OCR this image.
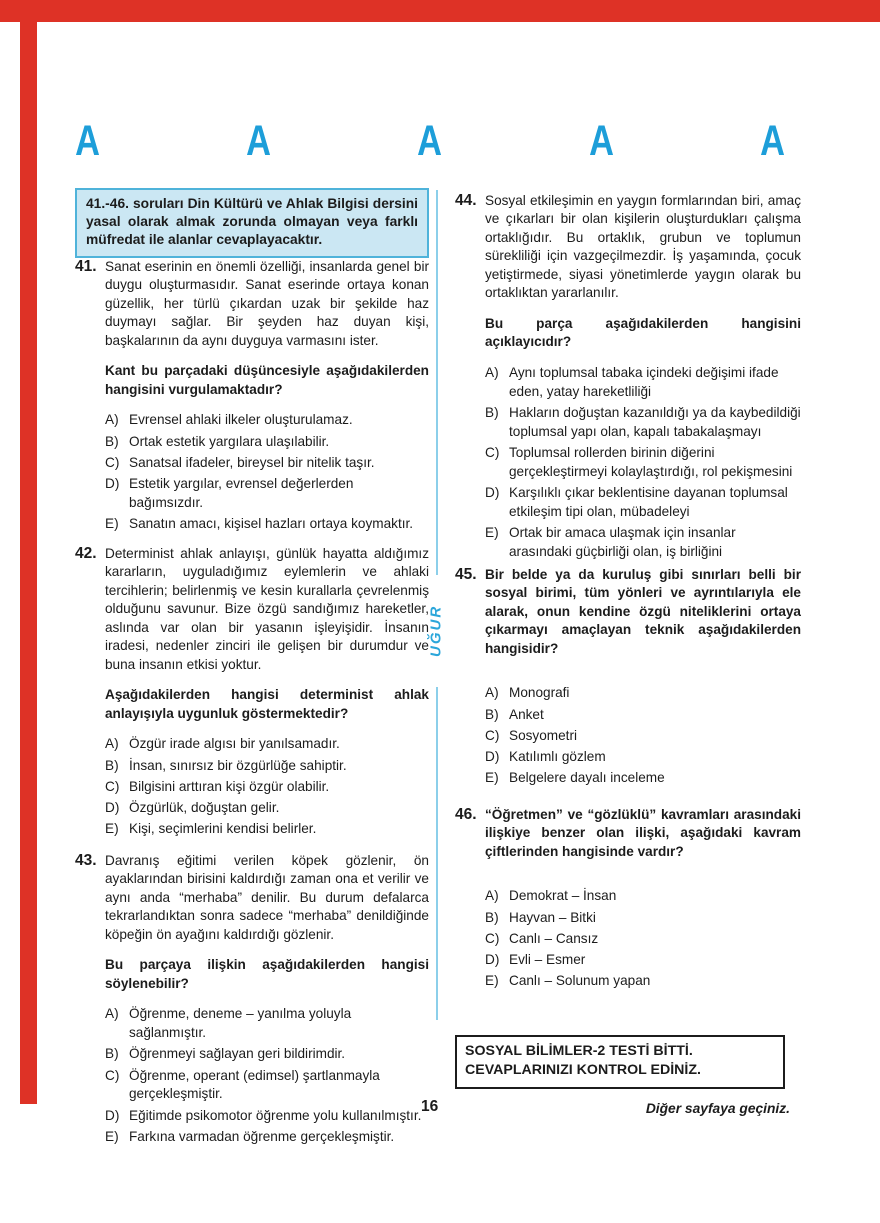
A	A	A	A	A
UĞUR
41.-46. soruları Din Kültürü ve Ahlak Bilgisi dersini yasal olarak almak zorunda olmayan veya farklı müfredat ile alanlar cevaplayacaktır.
41. Sanat eserinin en önemli özelliği, insanlarda genel bir duygu oluşturmasıdır. Sanat eserinde ortaya konan güzellik, her türlü çıkardan uzak bir şekilde haz duymayı sağlar. Bir şeyden haz duyan kişi, başkalarının da aynı duyguya varmasını ister.

Kant bu parçadaki düşüncesiyle aşağıdakilerden hangisini vurgulamaktadır?

A) Evrensel ahlaki ilkeler oluşturulamaz.
B) Ortak estetik yargılara ulaşılabilir.
C) Sanatsal ifadeler, bireysel bir nitelik taşır.
D) Estetik yargılar, evrensel değerlerden bağımsızdır.
E) Sanatın amacı, kişisel hazları ortaya koymaktır.
42. Determinist ahlak anlayışı, günlük hayatta aldığımız kararların, uyguladığımız eylemlerin ve ahlaki tercihlerin; belirlenmiş ve kesin kurallarla çevrelenmiş olduğunu savunur. Bize özgü sandığımız hareketler, aslında var olan bir yasanın işleyişidir. İnsanın iradesi, nedenler zinciri ile gelişen bir durumdur ve buna insanın etkisi yoktur.

Aşağıdakilerden hangisi determinist ahlak anlayışıyla uygunluk göstermektedir?

A) Özgür irade algısı bir yanılsamadır.
B) İnsan, sınırsız bir özgürlüğe sahiptir.
C) Bilgisini arttıran kişi özgür olabilir.
D) Özgürlük, doğuştan gelir.
E) Kişi, seçimlerini kendisi belirler.
43. Davranış eğitimi verilen köpek gözlenir, ön ayaklarından birisini kaldırdığı zaman ona et verilir ve aynı anda “merhaba” denilir. Bu durum defalarca tekrarlandıktan sonra sadece “merhaba” denildiğinde köpeğin ön ayağını kaldırdığı gözlenir.

Bu parçaya ilişkin aşağıdakilerden hangisi söylenebilir?

A) Öğrenme, deneme – yanılma yoluyla sağlanmıştır.
B) Öğrenmeyi sağlayan geri bildirimdir.
C) Öğrenme, operant (edimsel) şartlanmayla gerçekleşmiştir.
D) Eğitimde psikomotor öğrenme yolu kullanılmıştır.
E) Farkına varmadan öğrenme gerçekleşmiştir.
44. Sosyal etkileşimin en yaygın formlarından biri, amaç ve çıkarları bir olan kişilerin oluşturdukları çalışma ortaklığıdır. Bu ortaklık, grubun ve toplumun sürekliliği için vazgeçilmezdir. İş yaşamında, çocuk yetiştirmede, siyasi yönetimlerde yaygın olarak bu ortaklıktan yararlanılır.

Bu parça aşağıdakilerden hangisini açıklayıcıdır?

A) Aynı toplumsal tabaka içindeki değişimi ifade eden, yatay hareketliliği
B) Hakların doğuştan kazanıldığı ya da kaybedildiği toplumsal yapı olan, kapalı tabakalaşmayı
C) Toplumsal rollerden birinin diğerini gerçekleştirmeyi kolaylaştırdığı, rol pekişmesini
D) Karşılıklı çıkar beklentisine dayanan toplumsal etkileşim tipi olan, mübadeleyi
E) Ortak bir amaca ulaşmak için insanlar arasındaki güçbirliği olan, iş birliğini
45. Bir belde ya da kuruluş gibi sınırları belli bir sosyal birimi, tüm yönleri ve ayrıntılarıyla ele alarak, onun kendine özgü niteliklerini ortaya çıkarmayı amaçlayan teknik aşağıdakilerden hangisidir?

A) Monografi
B) Anket
C) Sosyometri
D) Katılımlı gözlem
E) Belgelere dayalı inceleme
46. “Öğretmen” ve “gözlüklü” kavramları arasındaki ilişkiye benzer olan ilişki, aşağıdaki kavram çiftlerinden hangisinde vardır?

A) Demokrat – İnsan
B) Hayvan – Bitki
C) Canlı – Cansız
D) Evli – Esmer
E) Canlı – Solunum yapan
SOSYAL BİLİMLER-2 TESTİ BİTTİ.
CEVAPLARINIZI KONTROL EDİNİZ.
16	Diğer sayfaya geçiniz.
